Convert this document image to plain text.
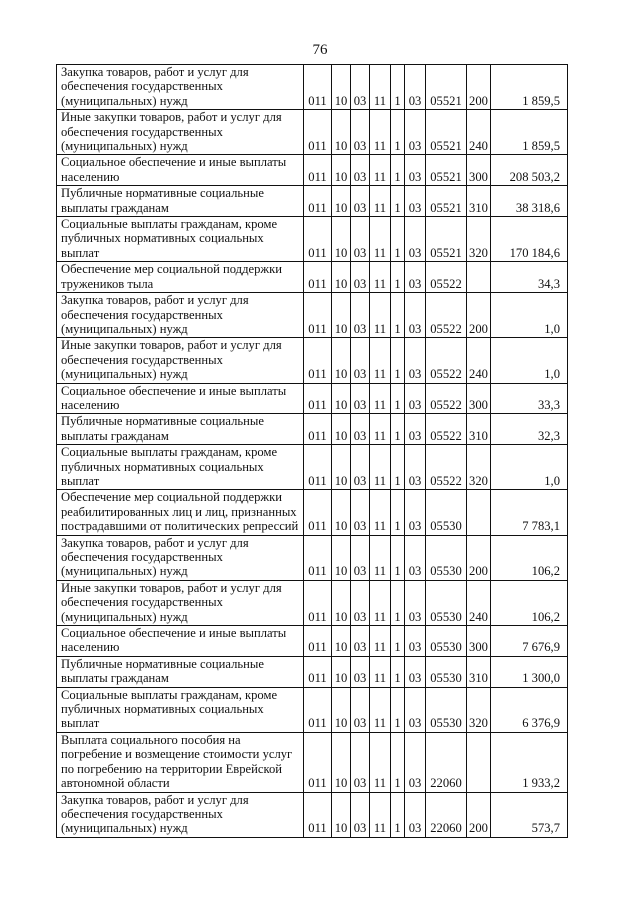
76
Закупка товаров, работ и услуг для
обеспечения государственных
(муниципальных) нужд	011	10	03	11	1	03	05521	200	1 859,5

Иные закупки товаров, работ и услуг для
обеспечения государственных
(муниципальных) нужд	011	10	03	11	1	03	05521	240	1 859,5

Социальное обеспечение и иные выплаты
населению	011	10	03	11	1	03	05521	300	208 503,2

Публичные нормативные социальные
выплаты гражданам	011	10	03	11	1	03	05521	310	38 318,6

Социальные выплаты гражданам, кроме
публичных нормативных социальных
выплат	011	10	03	11	1	03	05521	320	170 184,6

Обеспечение мер социальной поддержки
тружеников тыла	011	10	03	11	1	03	05522		34,3

Закупка товаров, работ и услуг для
обеспечения государственных
(муниципальных) нужд	011	10	03	11	1	03	05522	200	1,0

Иные закупки товаров, работ и услуг для
обеспечения государственных
(муниципальных) нужд	011	10	03	11	1	03	05522	240	1,0

Социальное обеспечение и иные выплаты
населению	011	10	03	11	1	03	05522	300	33,3

Публичные нормативные социальные
выплаты гражданам	011	10	03	11	1	03	05522	310	32,3

Социальные выплаты гражданам, кроме
публичных нормативных социальных
выплат	011	10	03	11	1	03	05522	320	1,0

Обеспечение мер социальной поддержки
реабилитированных лиц и лиц, признанных
пострадавшими от политических репрессий	011	10	03	11	1	03	05530		7 783,1

Закупка товаров, работ и услуг для
обеспечения государственных
(муниципальных) нужд	011	10	03	11	1	03	05530	200	106,2

Иные закупки товаров, работ и услуг для
обеспечения государственных
(муниципальных) нужд	011	10	03	11	1	03	05530	240	106,2

Социальное обеспечение и иные выплаты
населению	011	10	03	11	1	03	05530	300	7 676,9

Публичные нормативные социальные
выплаты гражданам	011	10	03	11	1	03	05530	310	1 300,0

Социальные выплаты гражданам, кроме
публичных нормативных социальных
выплат	011	10	03	11	1	03	05530	320	6 376,9

Выплата социального пособия на
погребение и возмещение стоимости услуг
по погребению на территории Еврейской
автономной области	011	10	03	11	1	03	22060		1 933,2

Закупка товаров, работ и услуг для
обеспечения государственных
(муниципальных) нужд	011	10	03	11	1	03	22060	200	573,7
